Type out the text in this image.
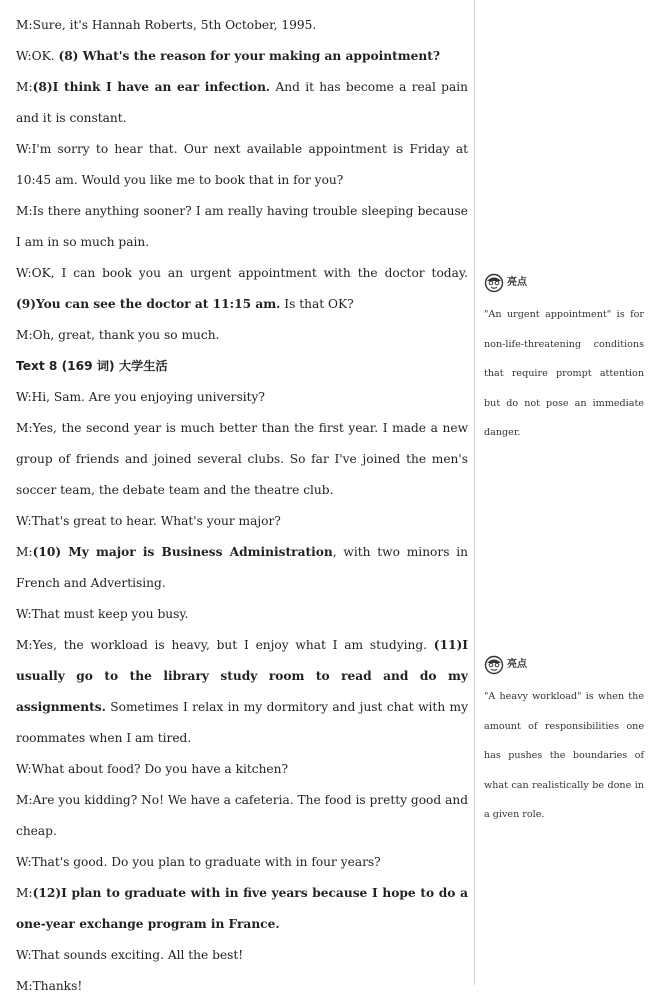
M:Sure, it's Hannah Roberts, 5th October, 1995.

W:OK. (8) What's the reason for your making an appointment?

M:(8)I think I have an ear infection. And it has become a real pain and it is constant.

W:I'm sorry to hear that. Our next available appointment is Friday at 10:45 am. Would you like me to book that in for you?

M:Is there anything sooner? I am really having trouble sleeping because I am in so much pain.

W:OK, I can book you an urgent appointment with the doctor today. (9)You can see the doctor at 11:15 am. Is that OK?

M:Oh, great, thank you so much.

Text 8 (169 词) 大学生活

W:Hi, Sam. Are you enjoying university?

M:Yes, the second year is much better than the first year. I made a new group of friends and joined several clubs. So far I've joined the men's soccer team, the debate team and the theatre club.

W:That's great to hear. What's your major?

M:(10) My major is Business Administration, with two minors in French and Advertising.

W:That must keep you busy.

M:Yes, the workload is heavy, but I enjoy what I am studying. (11)I usually go to the library study room to read and do my assignments. Sometimes I relax in my dormitory and just chat with my roommates when I am tired.

W:What about food? Do you have a kitchen?

M:Are you kidding? No! We have a cafeteria. The food is pretty good and cheap.

W:That's good. Do you plan to graduate with in four years?

M:(12)I plan to graduate with in five years because I hope to do a one-year exchange program in France.

W:That sounds exciting. All the best!

M:Thanks!

亮点

"An urgent appointment" is for non-life-threatening conditions that require prompt attention but do not pose an immediate danger.

亮点

"A heavy workload" is when the amount of responsibilities one has pushes the boundaries of what can realistically be done in a given role.
